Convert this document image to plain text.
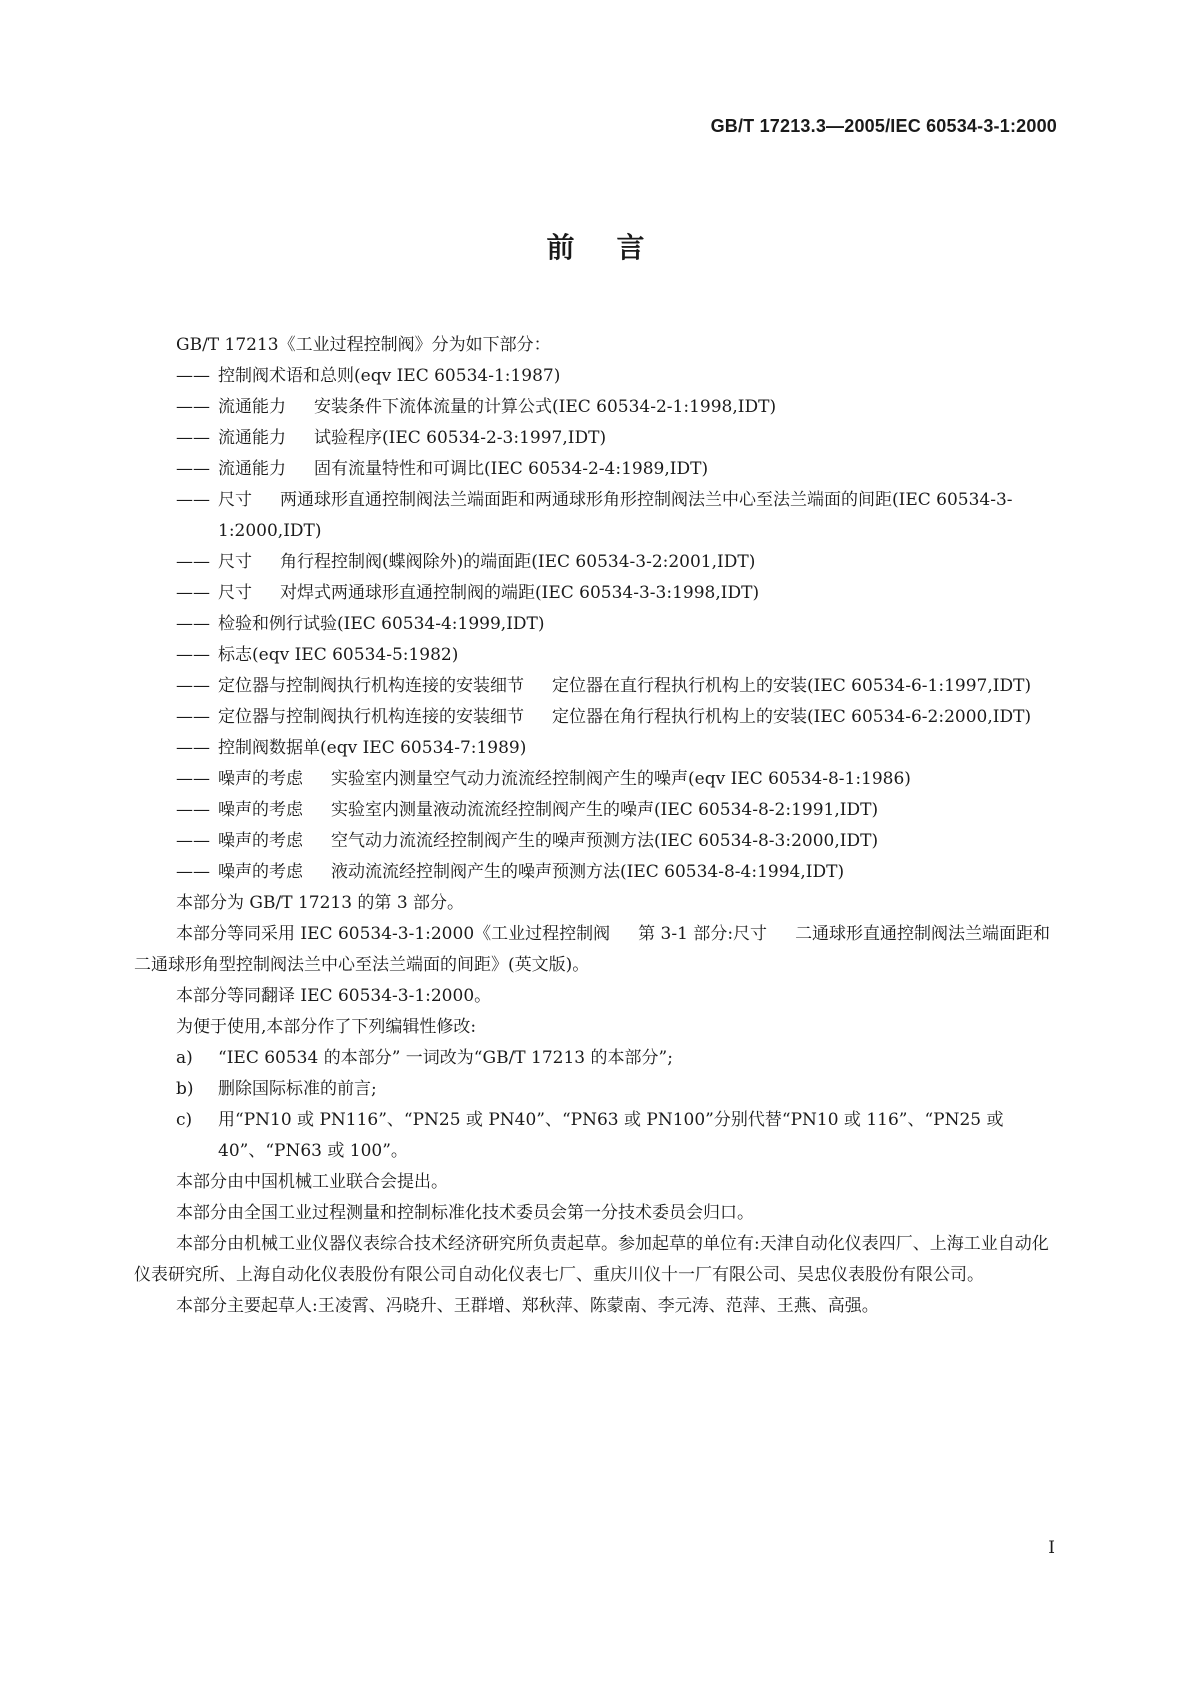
GB/T 17213.3—2005/IEC 60534-3-1:2000
前言
GB/T 17213《工业过程控制阀》分为如下部分：
—— 控制阀术语和总则(eqv IEC 60534-1:1987)
—— 流通能力 安装条件下流体流量的计算公式(IEC 60534-2-1:1998,IDT)
—— 流通能力 试验程序(IEC 60534-2-3:1997,IDT)
—— 流通能力 固有流量特性和可调比(IEC 60534-2-4:1989,IDT)
—— 尺寸 两通球形直通控制阀法兰端面距和两通球形角形控制阀法兰中心至法兰端面的间距(IEC 60534-3-1:2000,IDT)
—— 尺寸 角行程控制阀(蝶阀除外)的端面距(IEC 60534-3-2:2001,IDT)
—— 尺寸 对焊式两通球形直通控制阀的端距(IEC 60534-3-3:1998,IDT)
—— 检验和例行试验(IEC 60534-4:1999,IDT)
—— 标志(eqv IEC 60534-5:1982)
—— 定位器与控制阀执行机构连接的安装细节 定位器在直行程执行机构上的安装(IEC 60534-6-1:1997,IDT)
—— 定位器与控制阀执行机构连接的安装细节 定位器在角行程执行机构上的安装(IEC 60534-6-2:2000,IDT)
—— 控制阀数据单(eqv IEC 60534-7:1989)
—— 噪声的考虑 实验室内测量空气动力流流经控制阀产生的噪声(eqv IEC 60534-8-1:1986)
—— 噪声的考虑 实验室内测量液动流流经控制阀产生的噪声(IEC 60534-8-2:1991,IDT)
—— 噪声的考虑 空气动力流流经控制阀产生的噪声预测方法(IEC 60534-8-3:2000,IDT)
—— 噪声的考虑 液动流流经控制阀产生的噪声预测方法(IEC 60534-8-4:1994,IDT)
本部分为 GB/T 17213 的第 3 部分。
本部分等同采用 IEC 60534-3-1:2000《工业过程控制阀 第 3-1 部分:尺寸 二通球形直通控制阀法兰端面距和二通球形角型控制阀法兰中心至法兰端面的间距》(英文版)。
本部分等同翻译 IEC 60534-3-1:2000。
为便于使用,本部分作了下列编辑性修改:
a) “IEC 60534 的本部分” 一词改为“GB/T 17213 的本部分”;
b) 删除国际标准的前言;
c) 用“PN10 或 PN116”、“PN25 或 PN40”、“PN63 或 PN100”分别代替“PN10 或 116”、“PN25 或 40”、“PN63 或 100”。
本部分由中国机械工业联合会提出。
本部分由全国工业过程测量和控制标准化技术委员会第一分技术委员会归口。
本部分由机械工业仪器仪表综合技术经济研究所负责起草。参加起草的单位有:天津自动化仪表四厂、上海工业自动化仪表研究所、上海自动化仪表股份有限公司自动化仪表七厂、重庆川仪十一厂有限公司、吴忠仪表股份有限公司。
本部分主要起草人:王凌霄、冯晓升、王群增、郑秋萍、陈蒙南、李元涛、范萍、王燕、高强。
I
